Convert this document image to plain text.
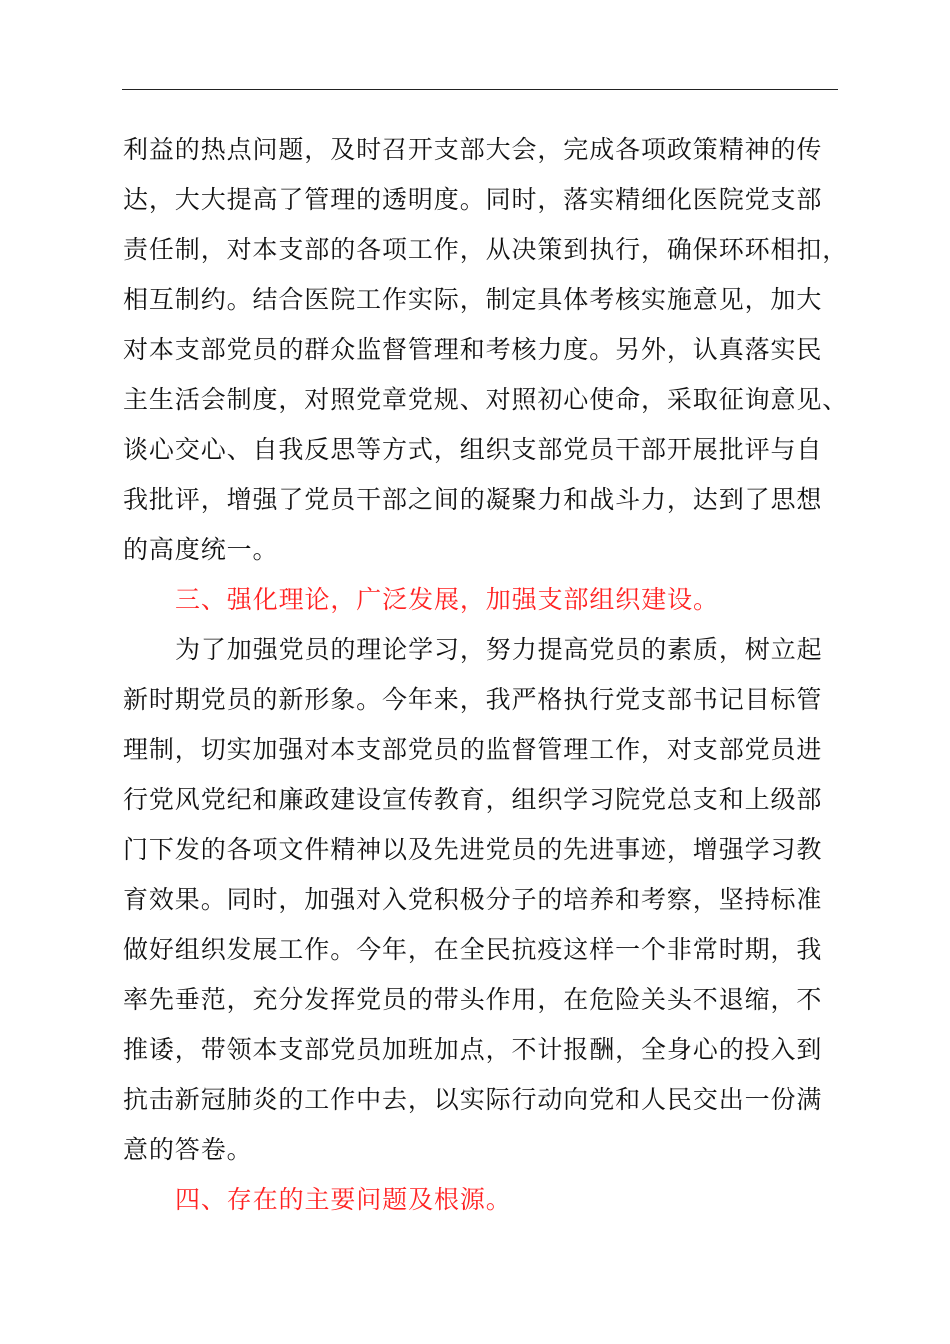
利益的热点问题，及时召开支部大会，完成各项政策精神的传
达，大大提高了管理的透明度。同时，落实精细化医院党支部
责任制，对本支部的各项工作，从决策到执行，确保环环相扣，
相互制约。结合医院工作实际，制定具体考核实施意见，加大
对本支部党员的群众监督管理和考核力度。另外，认真落实民
主生活会制度，对照党章党规、对照初心使命，采取征询意见、
谈心交心、自我反思等方式，组织支部党员干部开展批评与自
我批评，增强了党员干部之间的凝聚力和战斗力，达到了思想
的高度统一。
三、强化理论，广泛发展，加强支部组织建设。
为了加强党员的理论学习，努力提高党员的素质，树立起
新时期党员的新形象。今年来，我严格执行党支部书记目标管
理制，切实加强对本支部党员的监督管理工作，对支部党员进
行党风党纪和廉政建设宣传教育，组织学习院党总支和上级部
门下发的各项文件精神以及先进党员的先进事迹，增强学习教
育效果。同时，加强对入党积极分子的培养和考察，坚持标准
做好组织发展工作。今年，在全民抗疫这样一个非常时期，我
率先垂范，充分发挥党员的带头作用，在危险关头不退缩，不
推诿，带领本支部党员加班加点，不计报酬，全身心的投入到
抗击新冠肺炎的工作中去，以实际行动向党和人民交出一份满
意的答卷。
四、存在的主要问题及根源。
